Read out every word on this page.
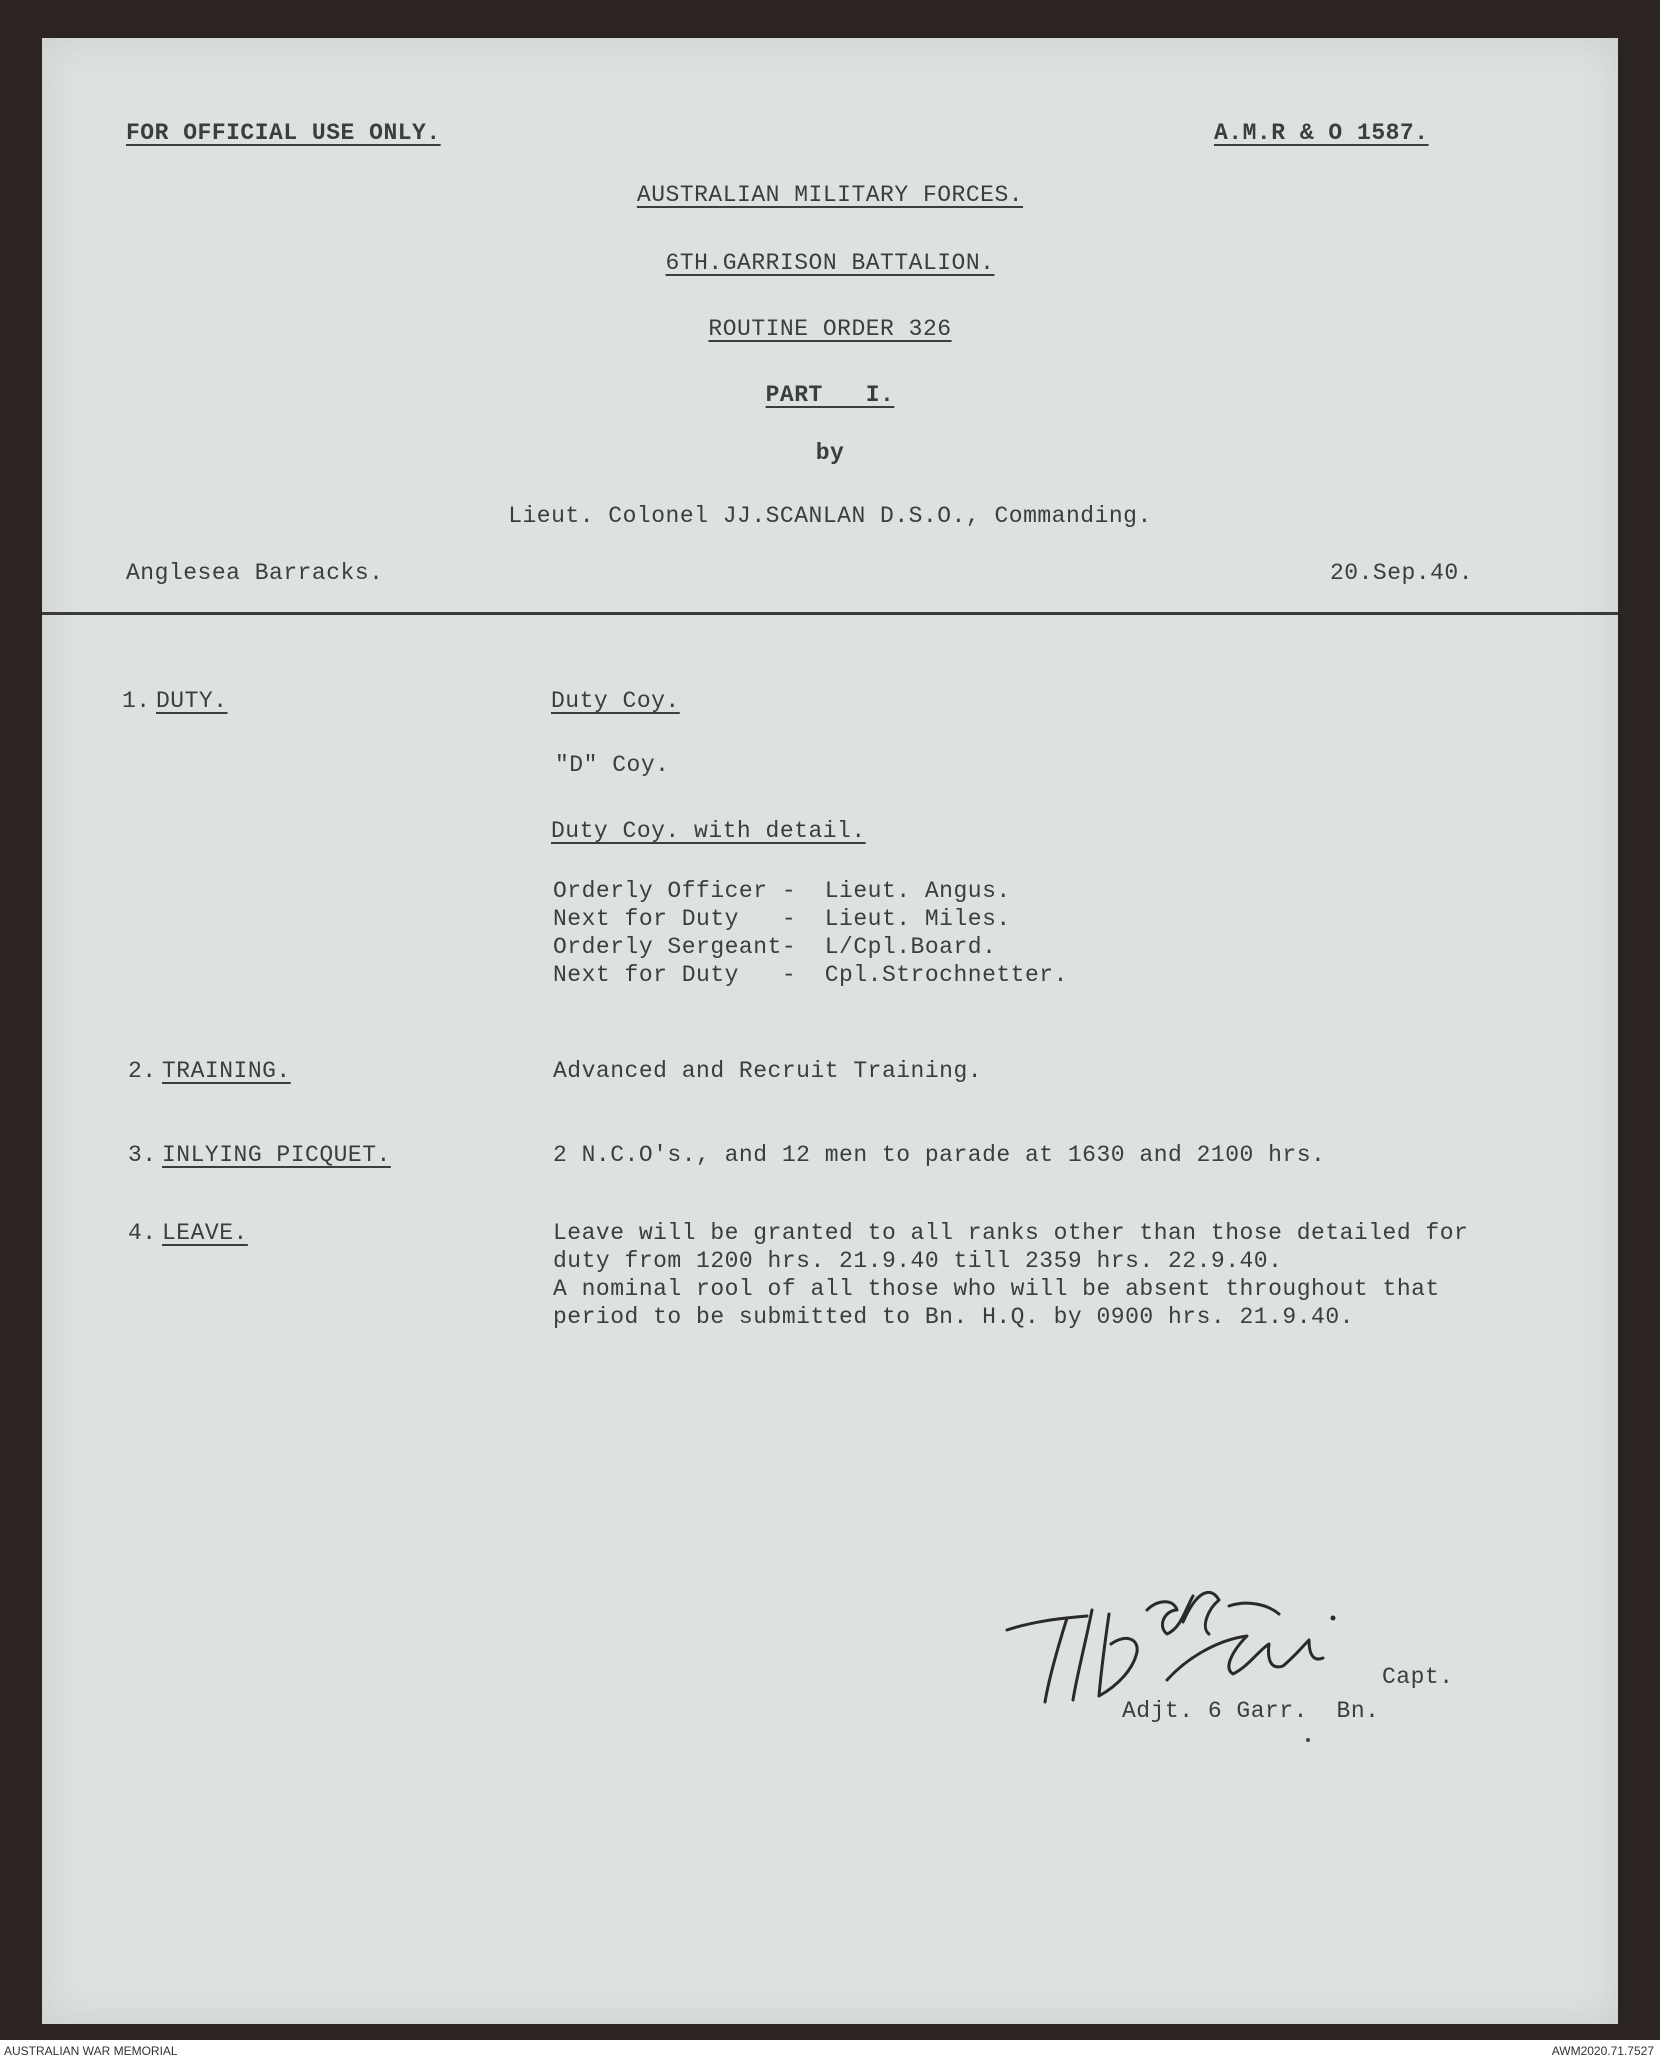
FOR OFFICIAL USE ONLY.	A.M.R & O 1587.
AUSTRALIAN MILITARY FORCES.
6TH.GARRISON BATTALION.
ROUTINE ORDER 326
PART   I.
by
Lieut. Colonel JJ.SCANLAN D.S.O., Commanding.
Anglesea Barracks.	20.Sep.40.
1. DUTY.	Duty Coy.
"D" Coy.
Duty Coy. with detail.
Orderly Officer -  Lieut. Angus.
Next for Duty   -  Lieut. Miles.
Orderly Sergeant-  L/Cpl.Board.
Next for Duty   -  Cpl.Strochnetter.
2. TRAINING.	Advanced and Recruit Training.
3. INLYING PICQUET.	2 N.C.O's., and 12 men to parade at 1630 and 2100 hrs.
4. LEAVE.	Leave will be granted to all ranks other than those detailed for
duty from 1200 hrs. 21.9.40 till 2359 hrs. 22.9.40.
A nominal rool of all those who will be absent throughout that
period to be submitted to Bn. H.Q. by 0900 hrs. 21.9.40.
Capt.
Adjt. 6 Garr.  Bn.
AUSTRALIAN WAR MEMORIAL	AWM2020.71.7527
